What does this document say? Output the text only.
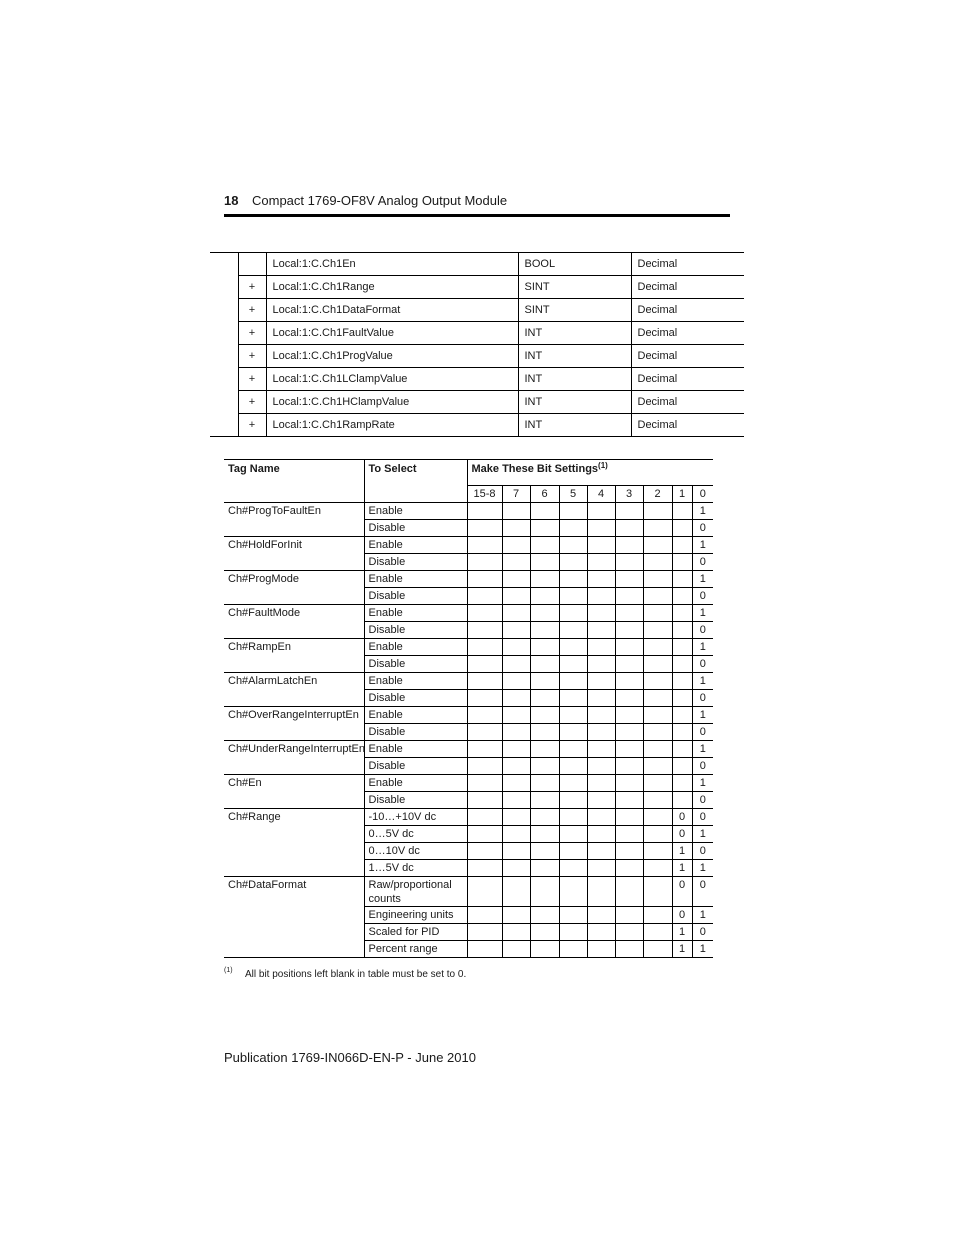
18 Compact 1769-OF8V Analog Output Module
		Local:1:C.Ch1En	BOOL	Decimal
	+	Local:1:C.Ch1Range	SINT	Decimal
	+	Local:1:C.Ch1DataFormat	SINT	Decimal
	+	Local:1:C.Ch1FaultValue	INT	Decimal
	+	Local:1:C.Ch1ProgValue	INT	Decimal
	+	Local:1:C.Ch1LClampValue	INT	Decimal
	+	Local:1:C.Ch1HClampValue	INT	Decimal
	+	Local:1:C.Ch1RampRate	INT	Decimal
Tag Name	To Select	Make These Bit Settings$^{(1)}$
		15-8	7	6	5	4	3	2	1	0
Ch#ProgToFaultEn	Enable									1
	Disable									0
Ch#HoldForInit	Enable									1
	Disable									0
Ch#ProgMode	Enable									1
	Disable									0
Ch#FaultMode	Enable									1
	Disable									0
Ch#RampEn	Enable									1
	Disable									0
Ch#AlarmLatchEn	Enable									1
	Disable									0
Ch#OverRangeInterruptEn	Enable									1
	Disable									0
Ch#UnderRangeInterruptEn	Enable									1
	Disable									0
Ch#En	Enable									1
	Disable									0
Ch#Range	-10…+10V dc								0	0
	0…5V dc								0	1
	0…10V dc								1	0
	1…5V dc								1	1
Ch#DataFormat	Raw/proportional counts								0	0
	Engineering units								0	1
	Scaled for PID								1	0
	Percent range								1	1
(1) All bit positions left blank in table must be set to 0.
Publication 1769-IN066D-EN-P - June 2010
